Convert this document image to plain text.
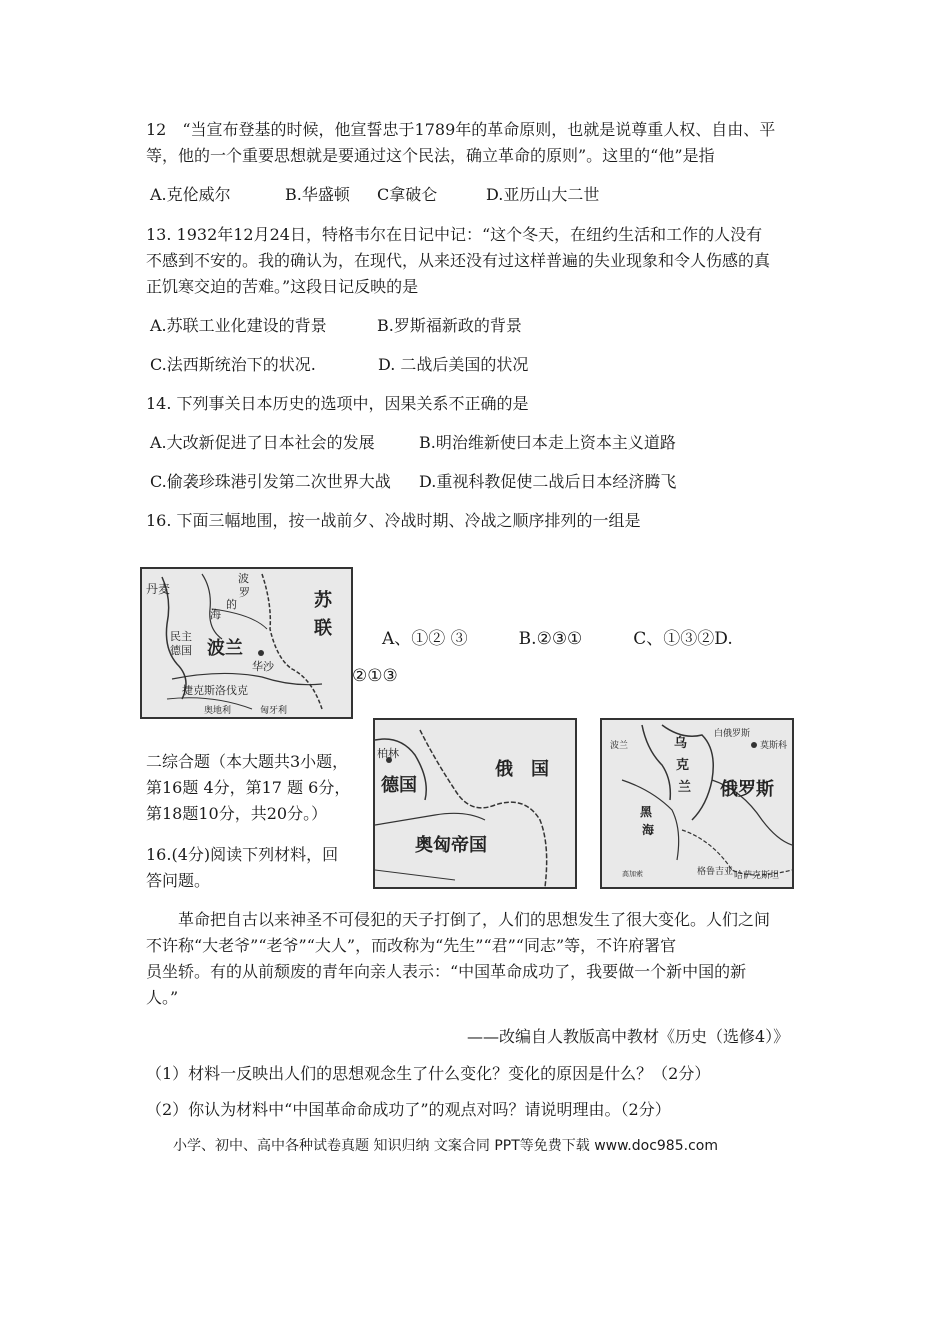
12　“当宣布登基的时候，他宣誓忠于1789年的革命原则，也就是说尊重人权、自由、平
等，他的一个重要思想就是要通过这个民法，确立革命的原则”。这里的“他”是指
A.克伦威尔	B.华盛顿 C拿破仑	D.亚历山大二世
13. 1932年12月24日，特格韦尔在日记中记：“这个冬天，在纽约生活和工作的人没有
不感到不安的。我的确认为，在现代，从来还没有过这样普遍的失业现象和令人伤感的真
正饥寒交迫的苦难。”这段日记反映的是
A.苏联工业化建设的背景	B.罗斯福新政的背景
C.法西斯统治下的状况.	D. 二战后美国的状况
14. 下列事关日本历史的选项中，因果关系不正确的是
A.大改新促进了日本社会的发展	B.明治维新使曰本走上资本主义道路
C.偷袭珍珠港引发第二次世界大战 D.重视科教促使二战后日本经济腾飞
16. 下面三幅地围，按一战前夕、冷战时期、冷战之顺序排列的一组是
丹麦
波
罗
的
海
苏
联
波兰
华沙
民主
德国
捷克斯洛伐克
奥地利	匈牙利
A、①② ③　　　B.②③①　　　C、①③②D.
②①③
柏林
德国
俄国
奥匈帝国
白俄罗斯
波兰	乌
克
兰
莫斯科
俄罗斯
黑
海
高加索	格鲁吉亚 哈萨克斯坦
二综合题（本大题共3小题，
第16题 4分，第17 题 6分，
第18题10分，共20分。）
16.(4分)阅读下列材料，回
答问题。
革命把自古以来神圣不可侵犯的天子打倒了，人们的思想发生了很大变化。人们之间
不许称“大老爷”“老爷”“大人”，而改称为“先生”“君”“同志”等，不许府署官
员坐轿。有的从前颓废的青年向亲人表示：“中国革命成功了，我要做一个新中国的新
人。”
——改编自人教版高中教材《历史（选修4）》
（1）材料一反映出人们的思想观念生了什么变化？变化的原因是什么？（2分）
（2）你认为材料中“中国革命命成功了”的观点对吗？请说明理由。（2分）
小学、初中、高中各种试卷真题 知识归纳 文案合同 PPT等免费下载 www.doc985.com
